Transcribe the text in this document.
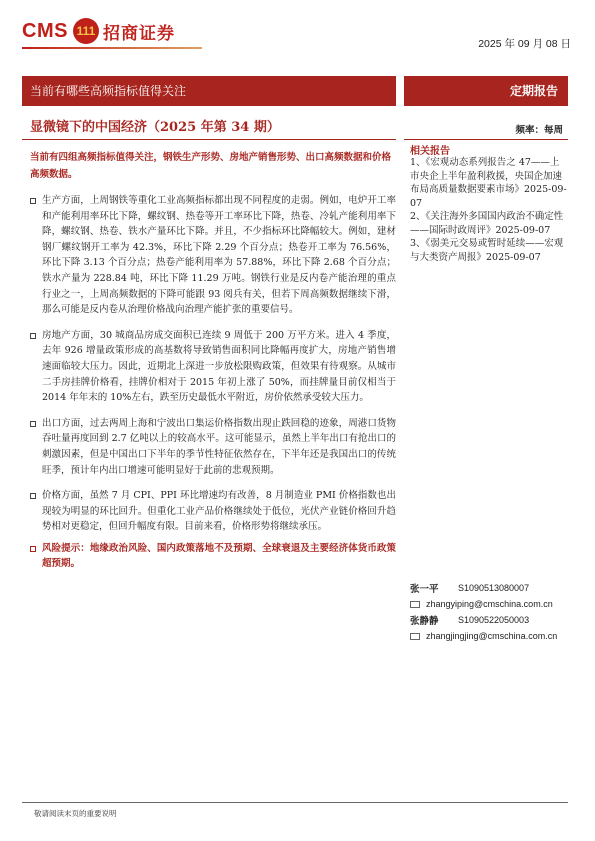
CMS 111 招商证券
2025 年 09 月 08 日
当前有哪些高频指标值得关注	定期报告
显微镜下的中国经济（2025 年第 34 期）	频率：每周
当前有四组高频指标值得关注，钢铁生产形势、房地产销售形势、出口高频数据和价格高频数据。
生产方面，上周钢铁等重化工业高频指标都出现不同程度的走弱。例如，电炉开工率和产能利用率环比下降，螺纹钢、热卷等开工率环比下降，热卷、冷轧产能利用率下降，螺纹钢、热卷、铁水产量环比下降。并且，不少指标环比降幅较大。例如，建材钢厂螺纹钢开工率为 42.3%，环比下降 2.29 个百分点；热卷开工率为 76.56%，环比下降 3.13 个百分点；热卷产能利用率为 57.88%，环比下降 2.68 个百分点；铁水产量为 228.84 吨，环比下降 11.29 万吨。钢铁行业是反内卷产能治理的重点行业之一，上周高频数据的下降可能跟 93 阅兵有关，但若下周高频数据继续下滑，那么可能是反内卷从治理价格战向治理产能扩张的重要信号。
房地产方面，30 城商品房成交面积已连续 9 周低于 200 万平方米。进入 4 季度，去年 926 增量政策形成的高基数将导致销售面积同比降幅再度扩大，房地产销售增速面临较大压力。因此，近期北上深进一步放松限购政策，但效果有待观察。从城市二手房挂牌价格看，挂牌价相对于 2015 年初上涨了 50%，而挂牌量目前仅相当于 2014 年年末的 10%左右，跌至历史最低水平附近，房价依然承受较大压力。
出口方面，过去两周上海和宁波出口集运价格指数出现止跌回稳的迹象，周港口货物吞吐量再度回到 2.7 亿吨以上的较高水平。这可能显示，虽然上半年出口有抢出口的刺激因素，但是中国出口下半年的季节性特征依然存在，下半年还是我国出口的传统旺季，预计年内出口增速可能明显好于此前的悲观预期。
价格方面，虽然 7 月 CPI、PPI 环比增速均有改善，8 月制造业 PMI 价格指数也出现较为明显的环比回升。但重化工业产品价格继续处于低位，光伏产业链价格回升趋势相对更稳定，但回升幅度有限。目前来看，价格形势将继续承压。
风险提示：地缘政治风险、国内政策落地不及预期、全球衰退及主要经济体货币政策超预期。
相关报告
1、《宏观动态系列报告之 47——上市央企上半年盈利救援，央国企加速布局高质量数据要素市场》2025-09-07
2、《关注海外多国国内政治不确定性——国际时政周评》2025-09-07
3、《弱美元交易或暂时延续——宏观与大类资产周报》2025-09-07
张一平	S1090513080007
zhangyiping@cmschina.com.cn
张静静	S1090522050003
zhangjingjing@cmschina.com.cn
敬请阅读末页的重要说明
